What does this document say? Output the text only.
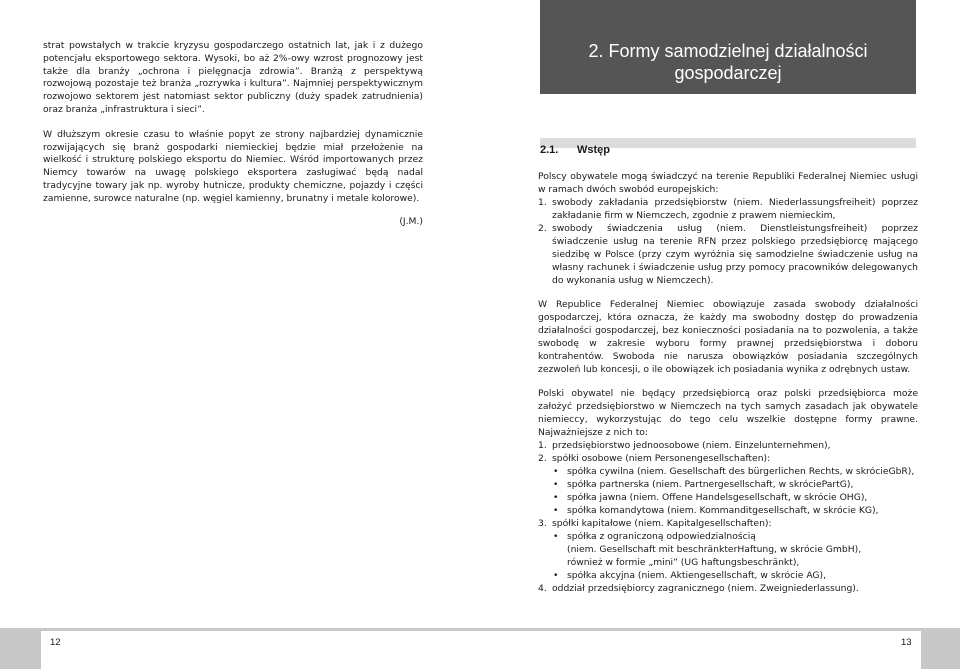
strat powstałych w trakcie kryzysu gospodarczego ostatnich lat, jak i z dużego potencjału eksportowego sektora. Wysoki, bo aż 2%-owy wzrost prognozowy jest także dla branży „ochrona i pielęgnacja zdrowia”. Branżą z perspektywą rozwojową pozostaje też branża „rozrywka i kultura”. Najmniej perspektywicznym rozwojowo sektorem jest natomiast sektor publiczny (duży spadek zatrudnienia) oraz branża „infrastruktura i sieci”.

W dłuższym okresie czasu to właśnie popyt ze strony najbardziej dynamicznie rozwijających się branż gospodarki niemieckiej będzie miał przełożenie na wielkość i strukturę polskiego eksportu do Niemiec. Wśród importowanych przez Niemcy towarów na uwagę polskiego eksportera zasługiwać będą nadal tradycyjne towary jak np. wyroby hutnicze, produkty chemiczne, pojazdy i części zamienne, surowce naturalne (np. węgiel kamienny, brunatny i metale kolorowe).

(J.M.)
2. Formy samodzielnej działalności
gospodarczej
2.1. Wstęp

Polscy obywatele mogą świadczyć na terenie Republiki Federalnej Niemiec usługi w ramach dwóch swobód europejskich:

1. swobody zakładania przedsiębiorstw (niem. Niederlassungsfreiheit) poprzez zakładanie firm w Niemczech, zgodnie z prawem niemieckim,
2. swobody świadczenia usług (niem. Dienstleistungsfreiheit) poprzez świadczenie usług na terenie RFN przez polskiego przedsiębiorcę mającego siedzibę w Polsce (przy czym wyróżnia się samodzielne świadczenie usług na własny rachunek i świadczenie usług przy pomocy pracowników delegowanych do wykonania usług w Niemczech).

W Republice Federalnej Niemiec obowiązuje zasada swobody działalności gospodarczej, która oznacza, że każdy ma swobodny dostęp do prowadzenia działalności gospodarczej, bez konieczności posiadania na to pozwolenia, a także swobodę w zakresie wyboru formy prawnej przedsiębiorstwa i doboru kontrahentów. Swoboda nie narusza obowiązków posiadania szczególnych zezwoleń lub koncesji, o ile obowiązek ich posiadania wynika z odrębnych ustaw.

Polski obywatel nie będący przedsiębiorcą oraz polski przedsiębiorca może założyć przedsiębiorstwo w Niemczech na tych samych zasadach jak obywatele niemieccy, wykorzystując do tego celu wszelkie dostępne formy prawne. Najważniejsze z nich to:

1. przedsiębiorstwo jednoosobowe (niem. Einzelunternehmen),
2. spółki osobowe (niem Personengesellschaften):
• spółka cywilna (niem. Gesellschaft des bürgerlichen Rechts, w skrócieGbR),
• spółka partnerska (niem. Partnergesellschaft, w skróciePartG),
• spółka jawna (niem. Offene Handelsgesellschaft, w skrócie OHG),
• spółka komandytowa (niem. Kommanditgesellschaft, w skrócie KG),
3. spółki kapitałowe (niem. Kapitalgesellschaften):
• spółka z ograniczoną odpowiedzialnością
(niem. Gesellschaft mit beschränkterHaftung, w skrócie GmbH),
również w formie „mini” (UG haftungsbeschränkt),
• spółka akcyjna (niem. Aktiengesellschaft, w skrócie AG),
4. oddział przedsiębiorcy zagranicznego (niem. Zweigniederlassung).
12	13
